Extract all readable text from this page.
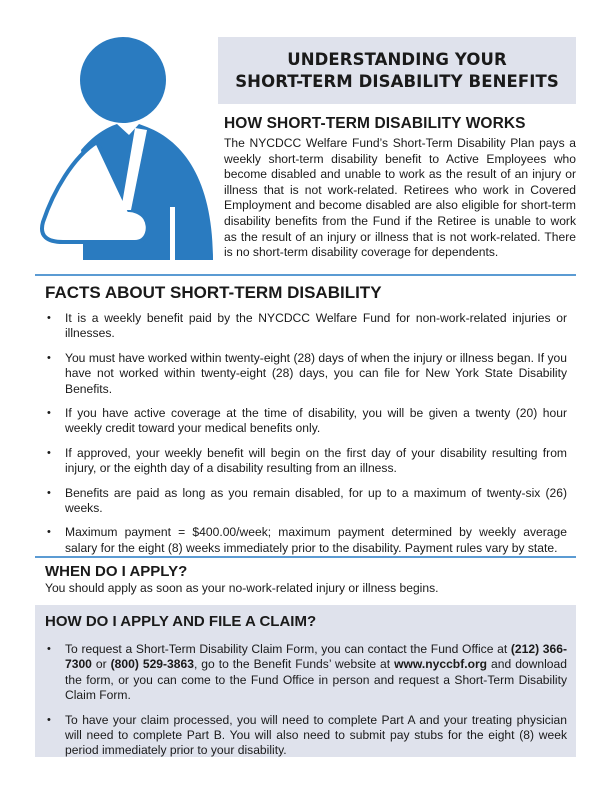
UNDERSTANDING YOUR
SHORT-TERM DISABILITY BENEFITS
HOW SHORT-TERM DISABILITY WORKS

The NYCDCC Welfare Fund’s Short-Term Disability Plan pays a weekly short-term disability benefit to Active Employees who become disabled and unable to work as the result of an injury or illness that is not work-related. Retirees who work in Covered Employment and become disabled are also eligible for short-term disability benefits from the Fund if the Retiree is unable to work as the result of an injury or illness that is not work-related. There is no short-term disability coverage for dependents.

FACTS ABOUT SHORT-TERM DISABILITY
• It is a weekly benefit paid by the NYCDCC Welfare Fund for non-work-related injuries or illnesses.
• You must have worked within twenty-eight (28) days of when the injury or illness began. If you have not worked within twenty-eight (28) days, you can file for New York State Disability Benefits.
• If you have active coverage at the time of disability, you will be given a twenty (20) hour weekly credit toward your medical benefits only.
• If approved, your weekly benefit will begin on the first day of your disability resulting from injury, or the eighth day of a disability resulting from an illness.
• Benefits are paid as long as you remain disabled, for up to a maximum of twenty-six (26) weeks.
• Maximum payment = $400.00/week; maximum payment determined by weekly average salary for the eight (8) weeks immediately prior to the disability. Payment rules vary by state.
WHEN DO I APPLY?

You should apply as soon as your no-work-related injury or illness begins.

HOW DO I APPLY AND FILE A CLAIM?
• To request a Short-Term Disability Claim Form, you can contact the Fund Office at (212) 366-7300 or (800) 529-3863, go to the Benefit Funds’ website at www.nyccbf.org and download the form, or you can come to the Fund Office in person and request a Short-Term Disability Claim Form.
• To have your claim processed, you will need to complete Part A and your treating physician will need to complete Part B. You will also need to submit pay stubs for the eight (8) week period immediately prior to your disability.
